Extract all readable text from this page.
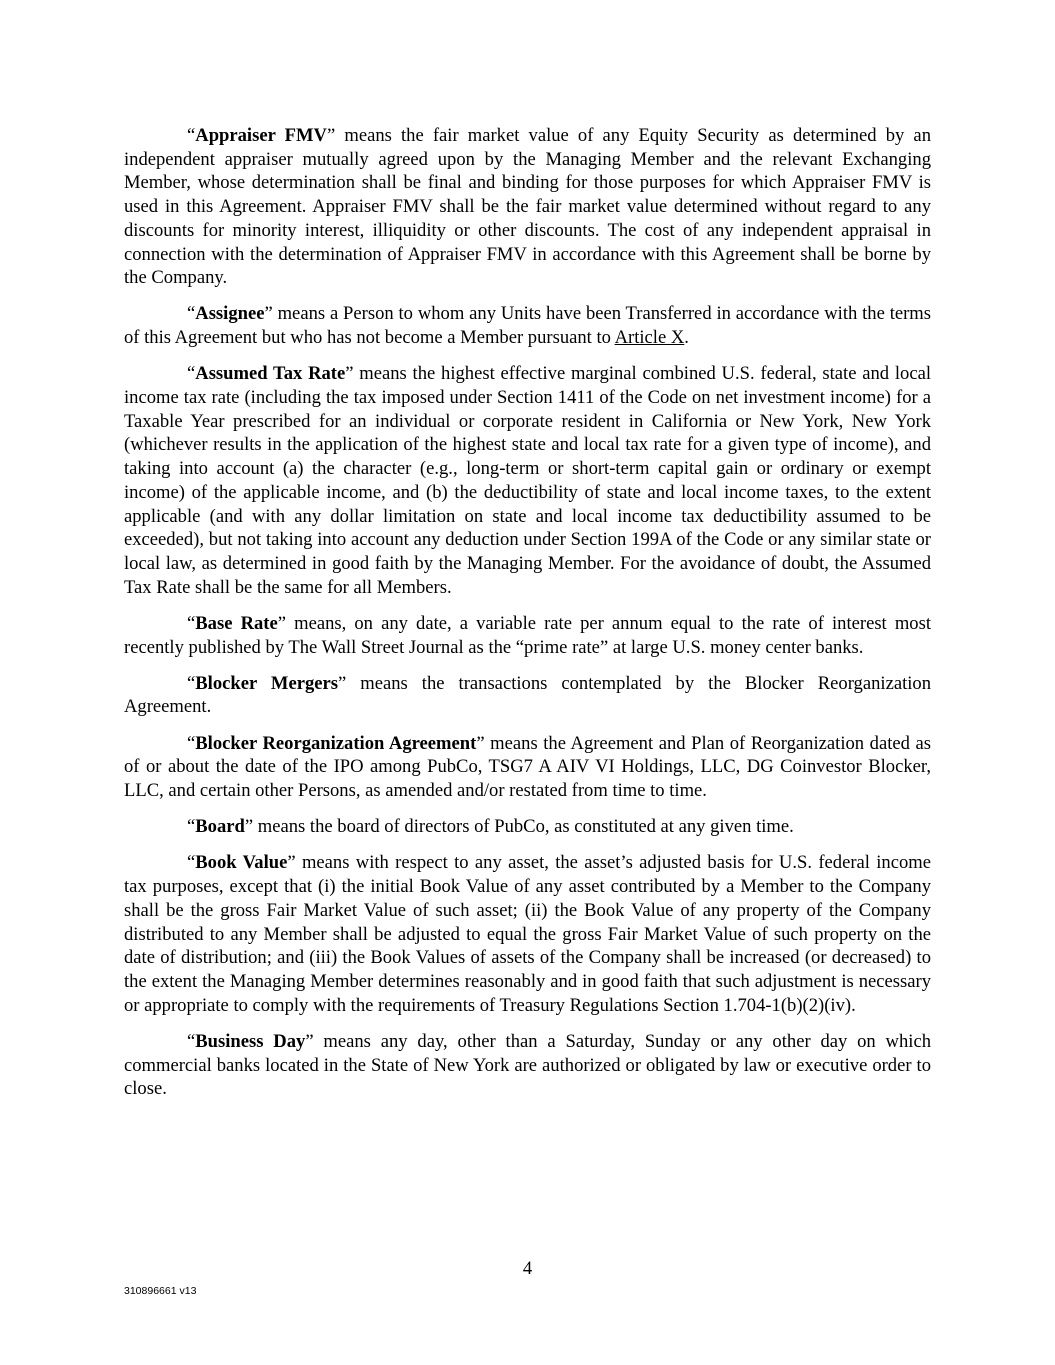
“Appraiser FMV” means the fair market value of any Equity Security as determined by an independent appraiser mutually agreed upon by the Managing Member and the relevant Exchanging Member, whose determination shall be final and binding for those purposes for which Appraiser FMV is used in this Agreement. Appraiser FMV shall be the fair market value determined without regard to any discounts for minority interest, illiquidity or other discounts. The cost of any independent appraisal in connection with the determination of Appraiser FMV in accordance with this Agreement shall be borne by the Company.

“Assignee” means a Person to whom any Units have been Transferred in accordance with the terms of this Agreement but who has not become a Member pursuant to Article X.

“Assumed Tax Rate” means the highest effective marginal combined U.S. federal, state and local income tax rate (including the tax imposed under Section 1411 of the Code on net investment income) for a Taxable Year prescribed for an individual or corporate resident in California or New York, New York (whichever results in the application of the highest state and local tax rate for a given type of income), and taking into account (a) the character (e.g., long-term or short-term capital gain or ordinary or exempt income) of the applicable income, and (b) the deductibility of state and local income taxes, to the extent applicable (and with any dollar limitation on state and local income tax deductibility assumed to be exceeded), but not taking into account any deduction under Section 199A of the Code or any similar state or local law, as determined in good faith by the Managing Member. For the avoidance of doubt, the Assumed Tax Rate shall be the same for all Members.

“Base Rate” means, on any date, a variable rate per annum equal to the rate of interest most recently published by The Wall Street Journal as the “prime rate” at large U.S. money center banks.

“Blocker Mergers” means the transactions contemplated by the Blocker Reorganization Agreement.

“Blocker Reorganization Agreement” means the Agreement and Plan of Reorganization dated as of or about the date of the IPO among PubCo, TSG7 A AIV VI Holdings, LLC, DG Coinvestor Blocker, LLC, and certain other Persons, as amended and/or restated from time to time.

“Board” means the board of directors of PubCo, as constituted at any given time.

“Book Value” means with respect to any asset, the asset’s adjusted basis for U.S. federal income tax purposes, except that (i) the initial Book Value of any asset contributed by a Member to the Company shall be the gross Fair Market Value of such asset; (ii) the Book Value of any property of the Company distributed to any Member shall be adjusted to equal the gross Fair Market Value of such property on the date of distribution; and (iii) the Book Values of assets of the Company shall be increased (or decreased) to the extent the Managing Member determines reasonably and in good faith that such adjustment is necessary or appropriate to comply with the requirements of Treasury Regulations Section 1.704-1(b)(2)(iv).

“Business Day” means any day, other than a Saturday, Sunday or any other day on which commercial banks located in the State of New York are authorized or obligated by law or executive order to close.

4
310896661 v13
